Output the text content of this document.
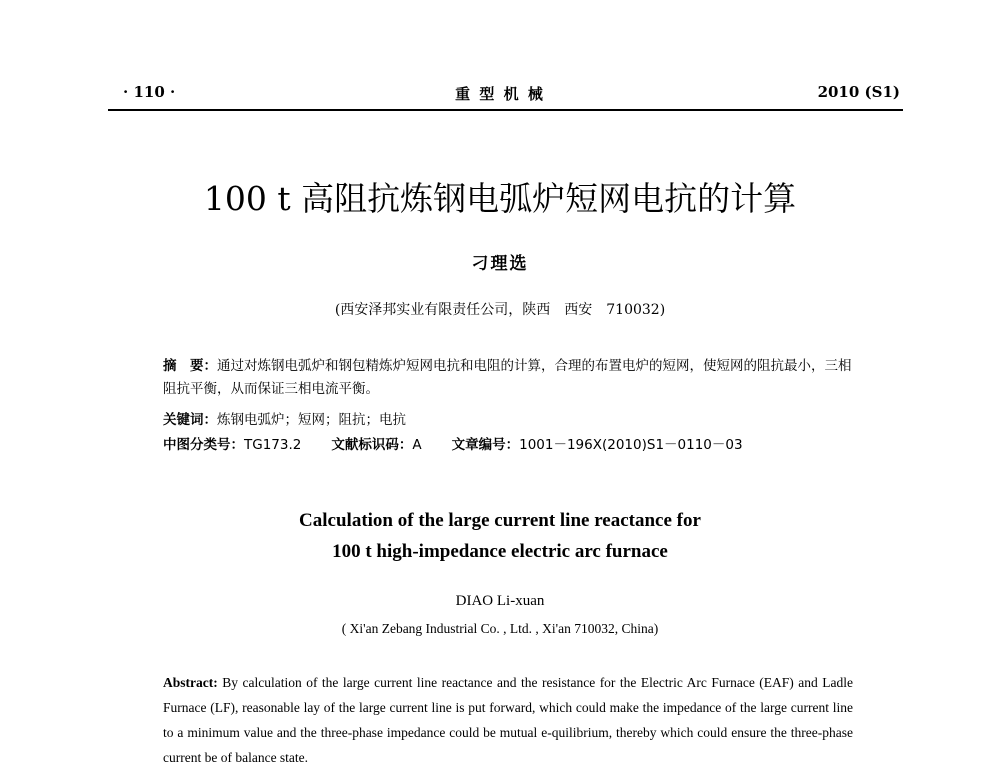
· 110 ·	重 型 机 械	2010 (S1)
100 t 高阻抗炼钢电弧炉短网电抗的计算
刁理选
(西安泽邦实业有限责任公司，陕西　西安　710032)
摘　要：通过对炼钢电弧炉和钢包精炼炉短网电抗和电阻的计算，合理的布置电炉的短网，使短网的阻抗最小，三相阻抗平衡，从而保证三相电流平衡。
关键词：炼钢电弧炉；短网；阻抗；电抗
中图分类号：TG173.2 文献标识码：A 文章编号：1001－196X(2010)S1－0110－03
Calculation of the large current line reactance for
100 t high-impedance electric arc furnace
DIAO Li-xuan
( Xi'an Zebang Industrial Co. , Ltd. , Xi'an 710032, China)
Abstract: By calculation of the large current line reactance and the resistance for the Electric Arc Furnace (EAF) and Ladle Furnace (LF), reasonable lay of the large current line is put forward, which could make the impedance of the large current line to a minimum value and the three-phase impedance could be mutual e-quilibrium, thereby which could ensure the three-phase current be of balance state.
